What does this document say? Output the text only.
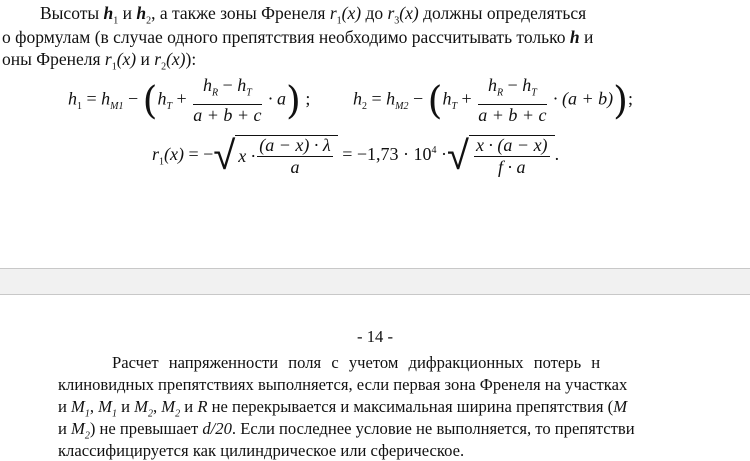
Высоты $h_1$ и $h_2$, а также зоны Френеля $r_1(x)$ до $r_3(x)$ должны определяться
о формулам (в случае одного препятствия необходимо рассчитывать только h и
оны Френеля $r_1(x)$ и $r_2(x)$):
$h_1 = h_{M1} - (h_T + \frac{h_R - h_T}{a + b + c} \cdot a)$ ; $h_2 = h_{M2} - (h_T + \frac{h_R - h_T}{a + b + c} \cdot (a + b))$;
$r_1(x)$ = −√ $x \cdot \frac{(a - x) \cdot \lambda}{a} = -1,73 \cdot 10^4$ ·√ $\frac{x \cdot (a - x)}{f \cdot a}$ .
- 14 -
Расчет напряженности поля с учетом дифракционных потерь н
клиновидных препятствиях выполняется, если первая зона Френеля на участках
и $M_1$, $M_1$ и $M_2$, $M_2$ и R не перекрывается и максимальная ширина препятствия (M
и $M_2$) не превышает d/20. Если последнее условие не выполняется, то препятстви
классифицируется как цилиндрическое или сферическое.
